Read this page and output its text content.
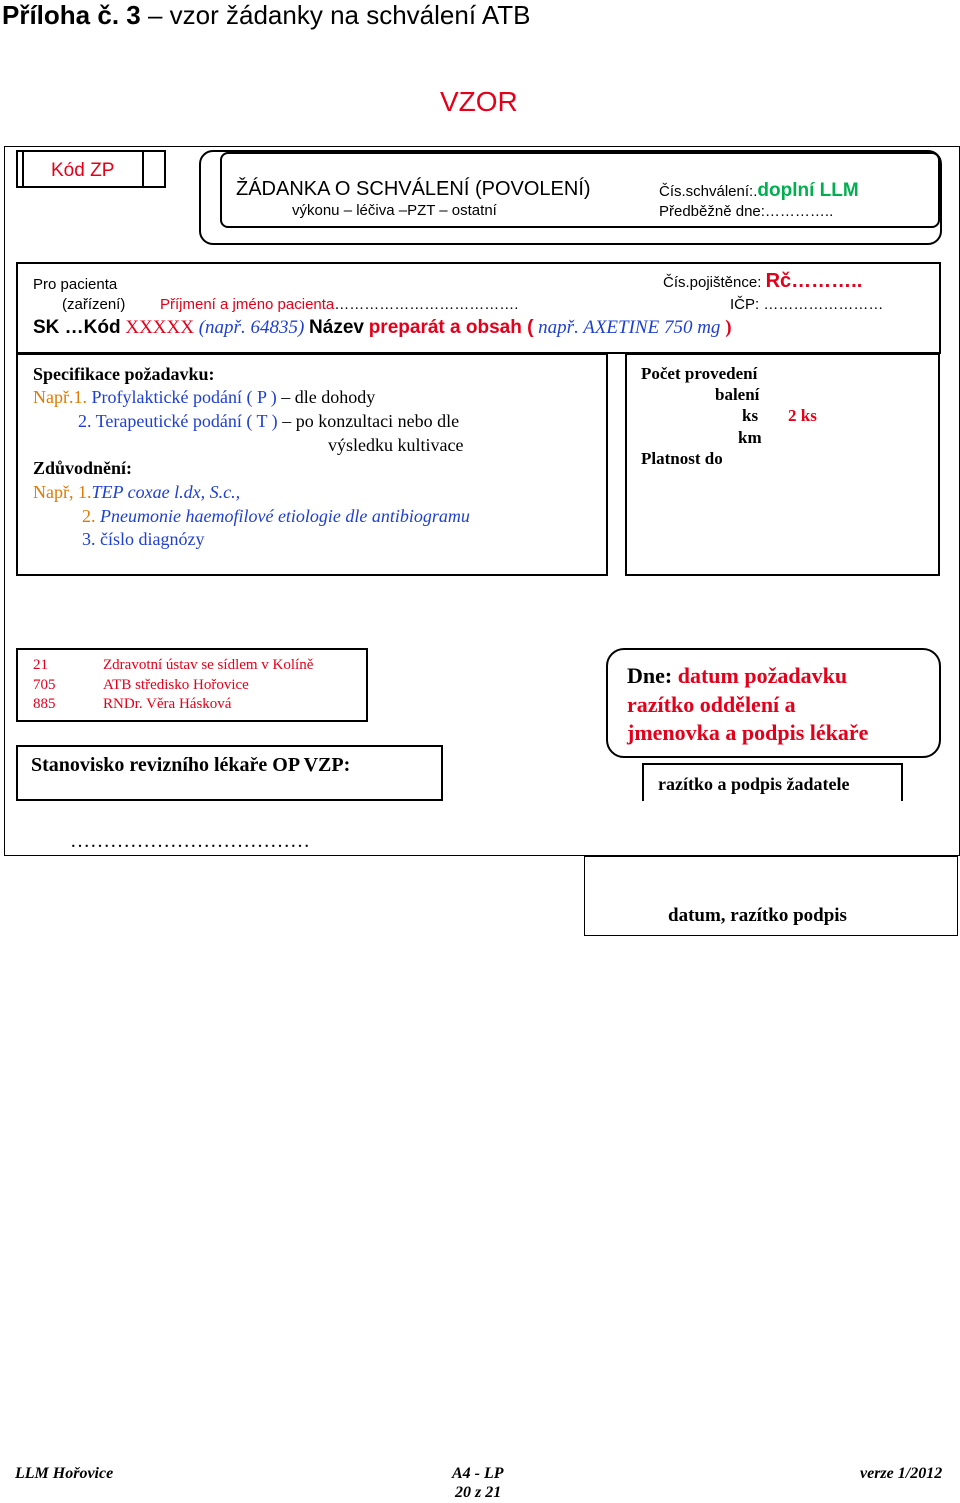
Příloha č. 3 – vzor žádanky na schválení ATB
VZOR
Kód ZP
ŽÁDANKA O SCHVÁLENÍ (POVOLENÍ)
výkonu – léčiva –PZT – ostatní
Čís.schválení:.doplní LLM
Předběžně dne:…………..
Pro pacienta	Čís.pojištěnce: Rč………..
(zařízení) Příjmení a jméno pacienta……………………………….	IČP: ……………………
SK …Kód XXXXX (např. 64835) Název preparát a obsah ( např. AXETINE 750 mg )
Specifikace požadavku:
Např.1. Profylaktické podání ( P ) – dle dohody
2. Terapeutické podání ( T ) – po konzultaci nebo dle
výsledku kultivace
Zdůvodnění:
Např, 1.TEP coxae l.dx, S.c.,
2. Pneumonie haemofilové etiologie dle antibiogramu
3. číslo diagnózy
Počet provedení
balení
ks 2 ks
km
Platnost do
21	Zdravotní ústav se sídlem v Kolíně
705	ATB středisko Hořovice
885	RNDr. Věra Hásková
Dne: datum požadavku
razítko oddělení a
jmenovka a podpis lékaře
Stanovisko revizního lékaře OP VZP:
razítko a podpis žadatele
………………………………
datum, razítko podpis
LLM Hořovice	A4 - LP	verze 1/2012
20 z 21
